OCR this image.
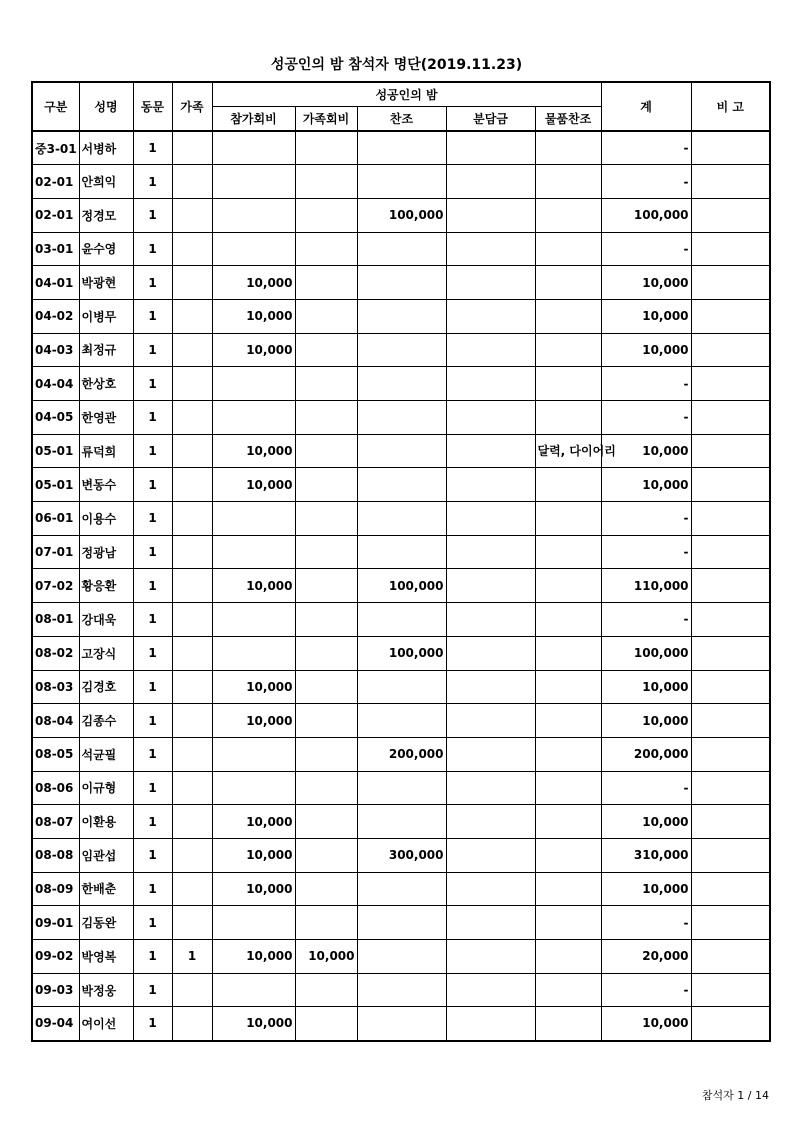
성공인의 밤 참석자 명단(2019.11.23)
구분	성명	동문	가족	성공인의 밤					계	비 고
				참가회비	가족회비	찬조	분담금	물품찬조		
중3-01	서병하	1							-	
02-01	안희익	1							-	
02-01	정경모	1				100,000			100,000	
03-01	윤수영	1							-	
04-01	박광현	1		10,000					10,000	
04-02	이병무	1		10,000					10,000	
04-03	최정규	1		10,000					10,000	
04-04	한상호	1							-	
04-05	한영관	1							-	
05-01	류덕희	1		10,000				달력, 다이어리	10,000	
05-01	변동수	1		10,000					10,000	
06-01	이용수	1							-	
07-01	정광남	1							-	
07-02	황응환	1		10,000		100,000			110,000	
08-01	강대욱	1							-	
08-02	고장식	1				100,000			100,000	
08-03	김경호	1		10,000					10,000	
08-04	김종수	1		10,000					10,000	
08-05	석균필	1				200,000			200,000	
08-06	이규형	1							-	
08-07	이환용	1		10,000					10,000	
08-08	임관섭	1		10,000		300,000			310,000	
08-09	한배춘	1		10,000					10,000	
09-01	김동완	1							-	
09-02	박영복	1	1	10,000	10,000				20,000	
09-03	박정웅	1							-	
09-04	여이선	1		10,000					10,000	
참석자 1 / 14
